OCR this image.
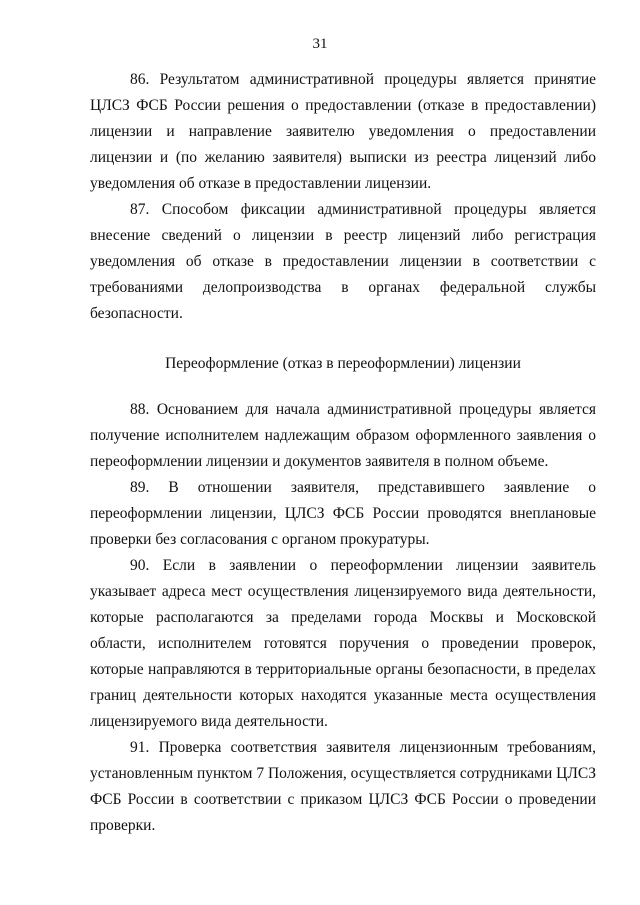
31

86. Результатом административной процедуры является принятие ЦЛСЗ ФСБ России решения о предоставлении (отказе в предоставлении) лицензии и направление заявителю уведомления о предоставлении лицензии и (по желанию заявителя) выписки из реестра лицензий либо уведомления об отказе в предоставлении лицензии.

87. Способом фиксации административной процедуры является внесение сведений о лицензии в реестр лицензий либо регистрация уведомления об отказе в предоставлении лицензии в соответствии с требованиями делопроизводства в органах федеральной службы безопасности.

Переоформление (отказ в переоформлении) лицензии

88. Основанием для начала административной процедуры является получение исполнителем надлежащим образом оформленного заявления о переоформлении лицензии и документов заявителя в полном объеме.

89. В отношении заявителя, представившего заявление о переоформлении лицензии, ЦЛСЗ ФСБ России проводятся внеплановые проверки без согласования с органом прокуратуры.

90. Если в заявлении о переоформлении лицензии заявитель указывает адреса мест осуществления лицензируемого вида деятельности, которые располагаются за пределами города Москвы и Московской области, исполнителем готовятся поручения о проведении проверок, которые направляются в территориальные органы безопасности, в пределах границ деятельности которых находятся указанные места осуществления лицензируемого вида деятельности.

91. Проверка соответствия заявителя лицензионным требованиям, установленным пунктом 7 Положения, осуществляется сотрудниками ЦЛСЗ ФСБ России в соответствии с приказом ЦЛСЗ ФСБ России о проведении проверки.
